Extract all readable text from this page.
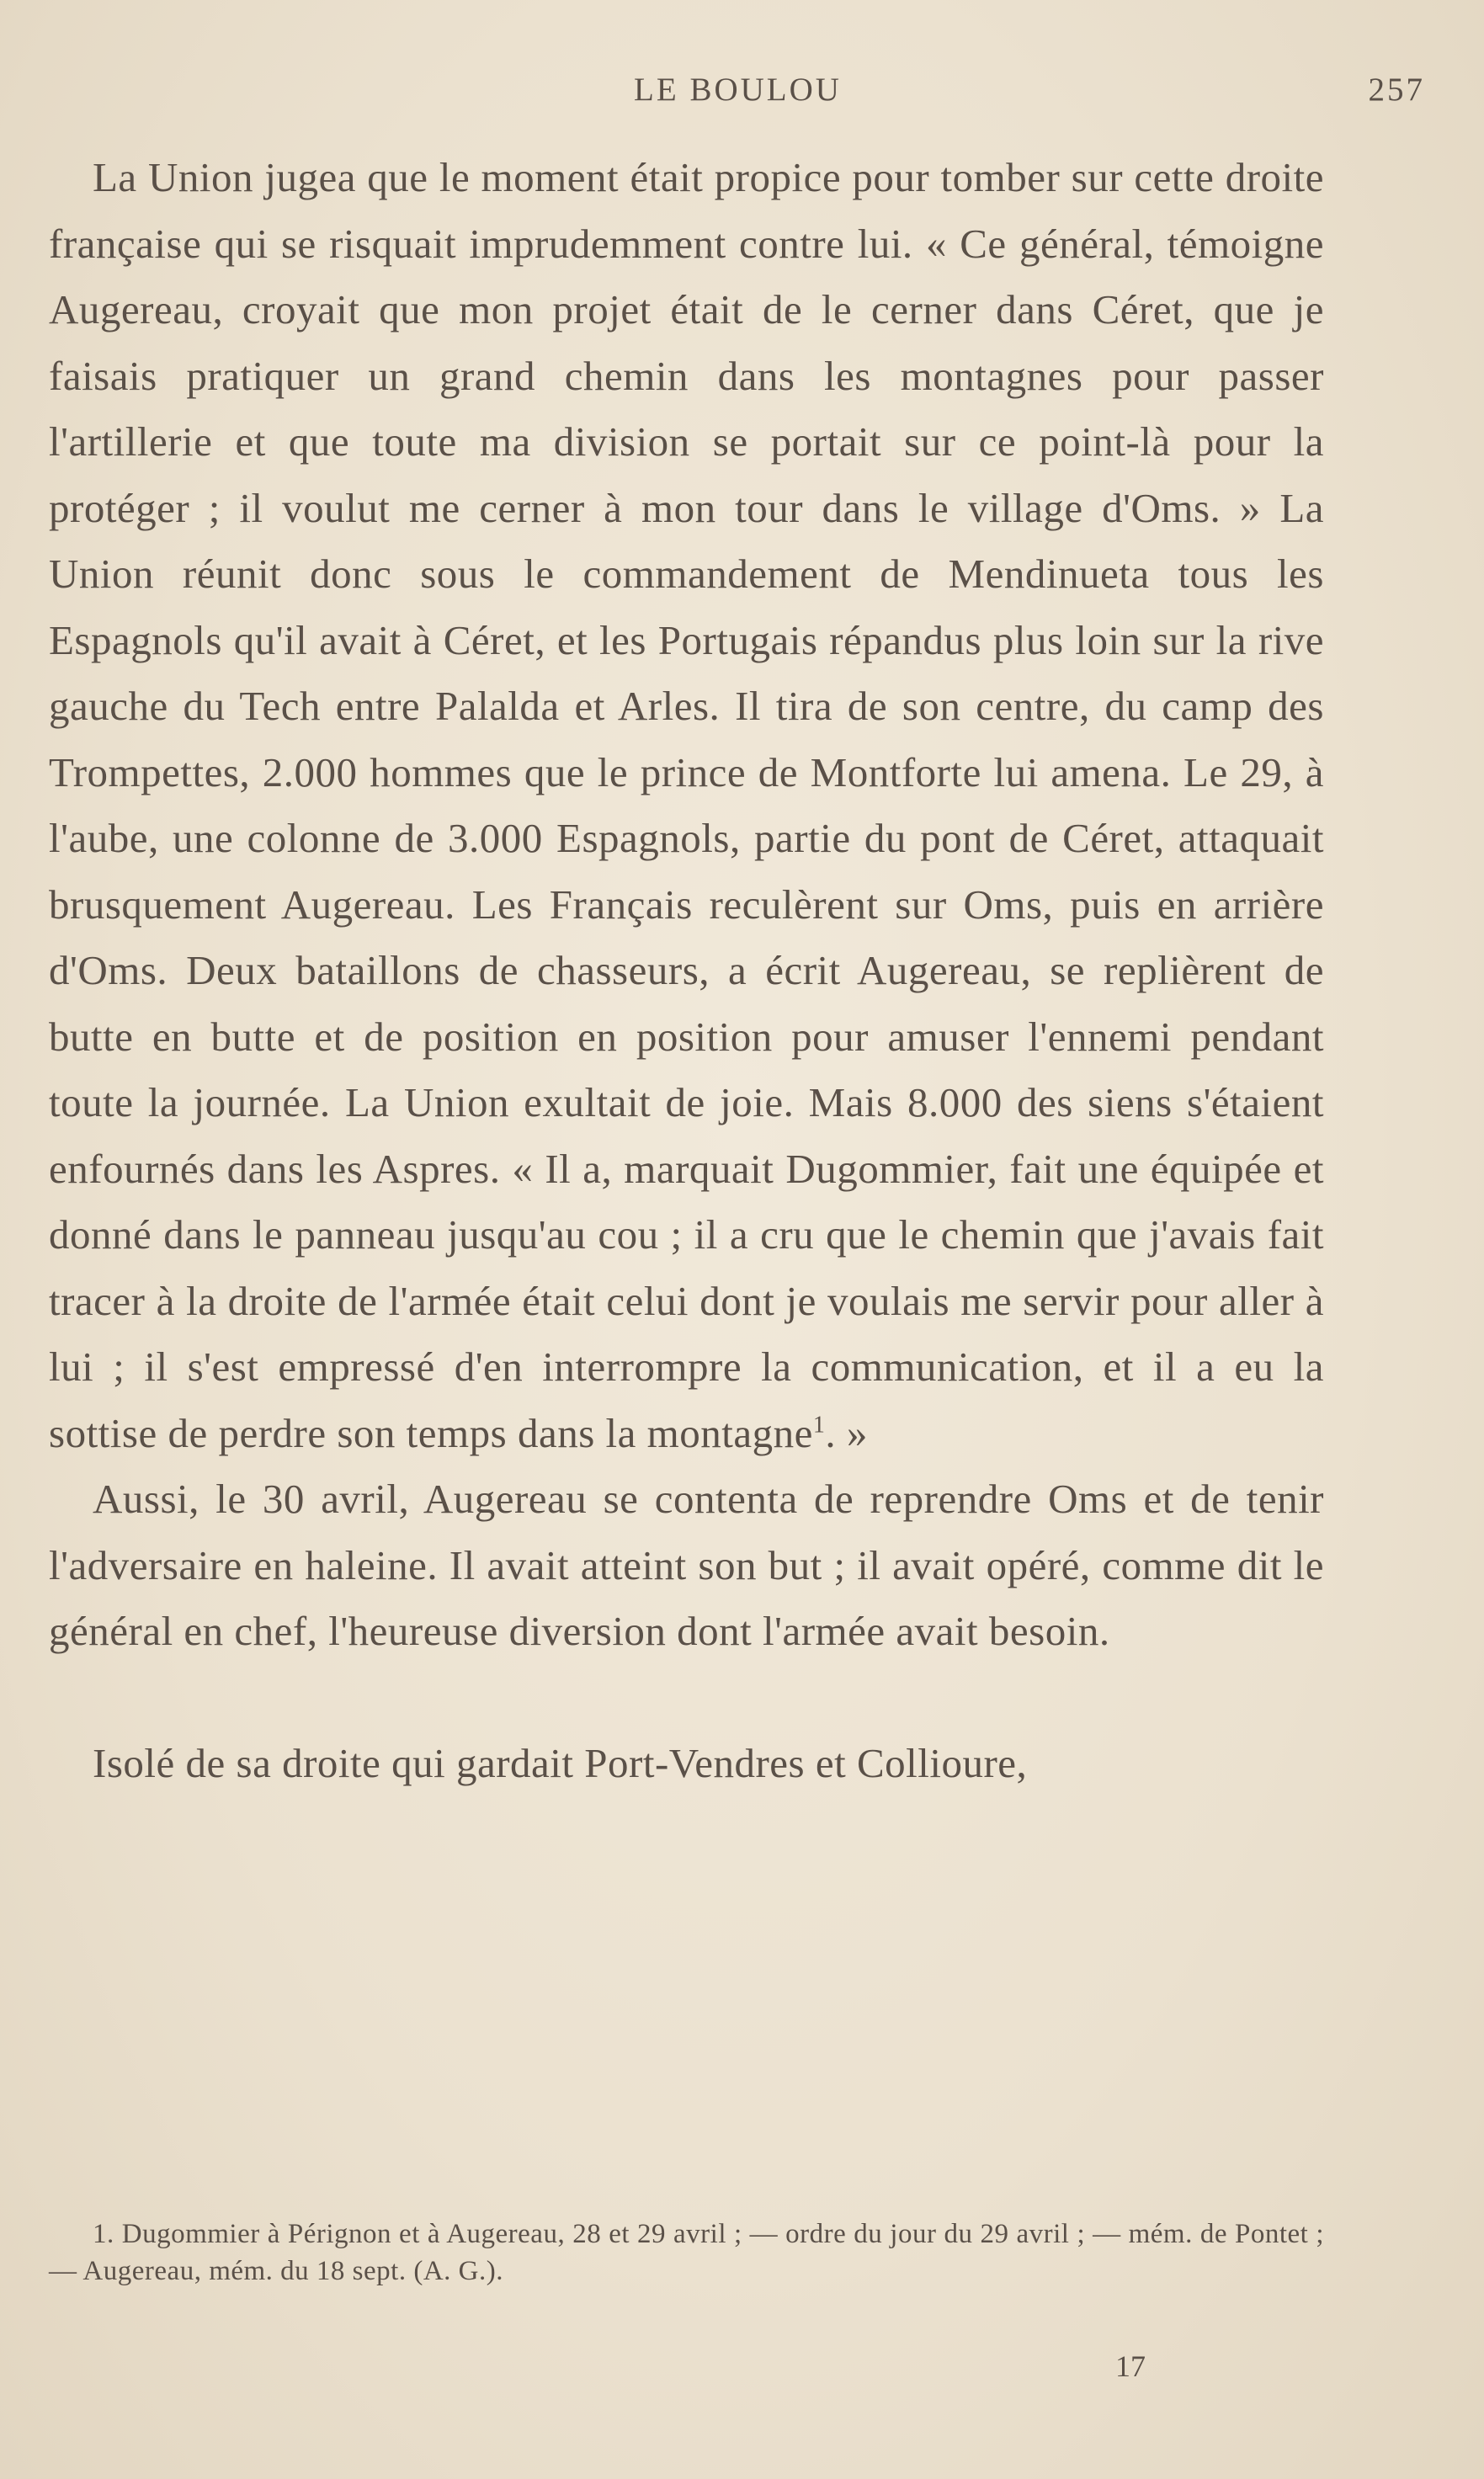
LE BOULOU	257

La Union jugea que le moment était propice pour tomber sur cette droite française qui se risquait imprudemment contre lui. « Ce général, témoigne Augereau, croyait que mon projet était de le cerner dans Céret, que je faisais pratiquer un grand chemin dans les montagnes pour passer l'artillerie et que toute ma division se portait sur ce point-là pour la protéger ; il voulut me cerner à mon tour dans le village d'Oms. » La Union réunit donc sous le commandement de Mendinueta tous les Espagnols qu'il avait à Céret, et les Portugais répandus plus loin sur la rive gauche du Tech entre Palalda et Arles. Il tira de son centre, du camp des Trompettes, 2.000 hommes que le prince de Montforte lui amena. Le 29, à l'aube, une colonne de 3.000 Espagnols, partie du pont de Céret, attaquait brusquement Augereau. Les Français reculèrent sur Oms, puis en arrière d'Oms. Deux bataillons de chasseurs, a écrit Augereau, se replièrent de butte en butte et de position en position pour amuser l'ennemi pendant toute la journée. La Union exultait de joie. Mais 8.000 des siens s'étaient enfournés dans les Aspres. « Il a, marquait Dugommier, fait une équipée et donné dans le panneau jusqu'au cou ; il a cru que le chemin que j'avais fait tracer à la droite de l'armée était celui dont je voulais me servir pour aller à lui ; il s'est empressé d'en interrompre la communication, et il a eu la sottise de perdre son temps dans la montagne$^1$. »

Aussi, le 30 avril, Augereau se contenta de reprendre Oms et de tenir l'adversaire en haleine. Il avait atteint son but ; il avait opéré, comme dit le général en chef, l'heureuse diversion dont l'armée avait besoin.

Isolé de sa droite qui gardait Port-Vendres et Collioure,

1. Dugommier à Pérignon et à Augereau, 28 et 29 avril ; — ordre du jour du 29 avril ; — mém. de Pontet ; — Augereau, mém. du 18 sept. (A. G.).
17
